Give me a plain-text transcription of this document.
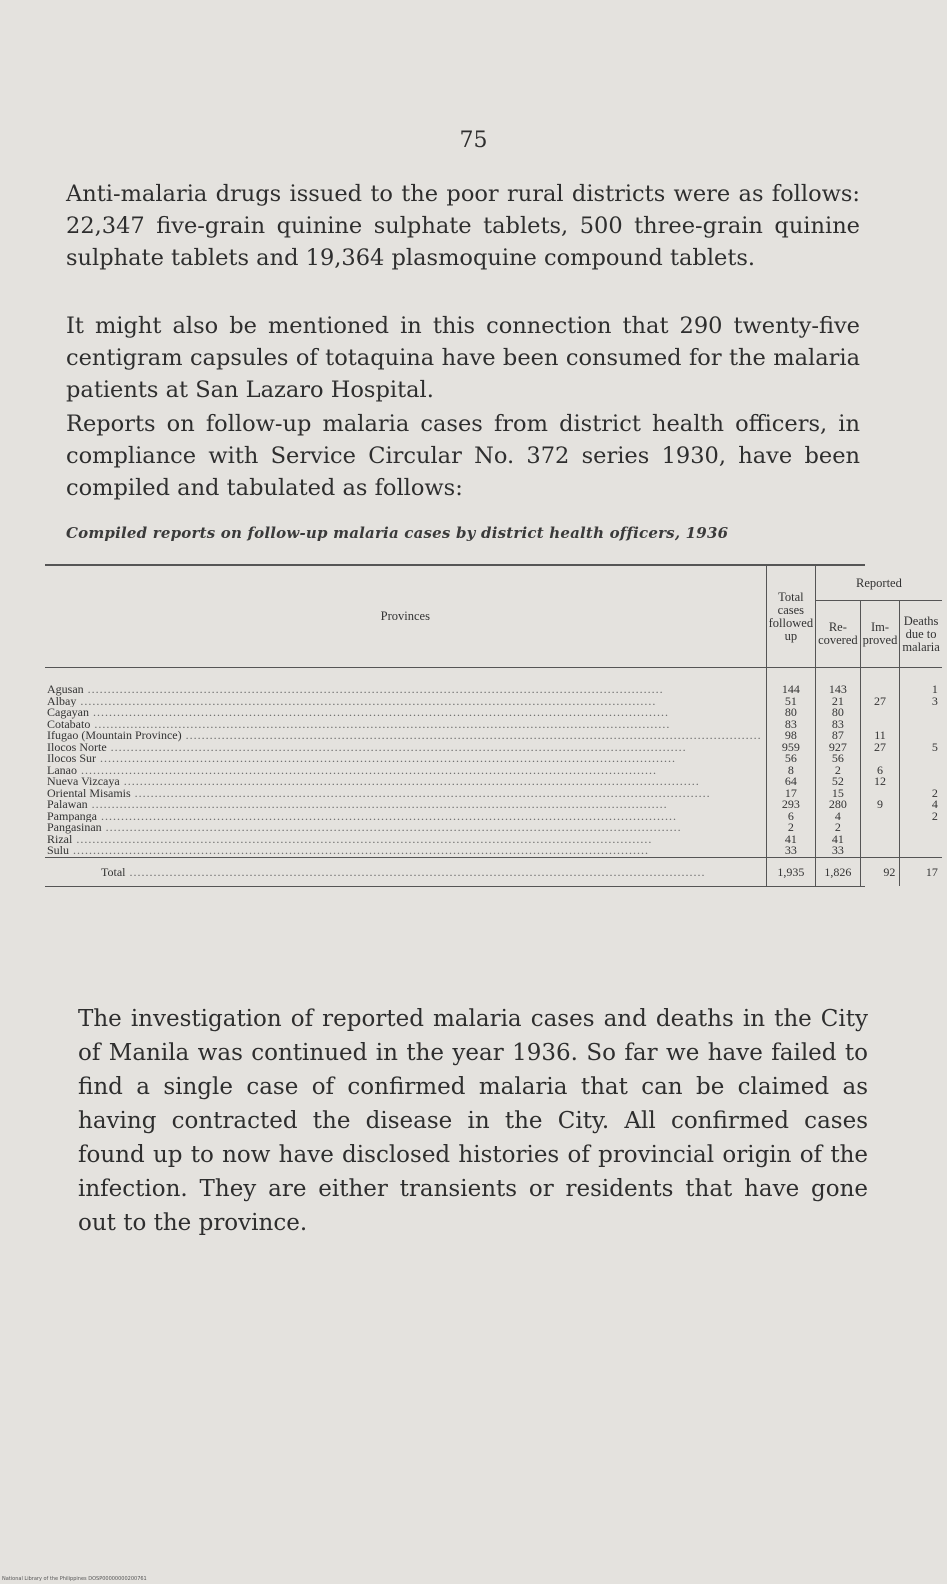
75

Anti-malaria drugs issued to the poor rural districts were as follows: 22,347 five-grain quinine sulphate tablets, 500 three-grain quinine sulphate tablets and 19,364 plasmoquine compound tablets.

It might also be mentioned in this connection that 290 twenty-five centigram capsules of totaquina have been consumed for the malaria patients at San Lazaro Hospital.

Reports on follow-up malaria cases from district health officers, in compliance with Service Circular No. 372 series 1930, have been compiled and tabulated as follows:

Compiled reports on follow-up malaria cases by district health officers, 1936
Provinces	Total cases followed up	Reported		
		Re-covered	Im-proved	Deaths due to malaria
Agusan .....	144	143		1
Albay .....	51	21	27	3
Cagayan .....	80	80		
Cotabato .....	83	83		
Ifugao (Mountain Province) .....	98	87	11	
Ilocos Norte .....	959	927	27	5
Ilocos Sur .....	56	56		
Lanao .....	8	2	6	
Nueva Vizcaya .....	64	52	12	
Oriental Misamis .....	17	15		2
Palawan .....	293	280	9	4
Pampanga .....	6	4		2
Pangasinan .....	2	2		
Rizal .....	41	41		
Sulu .....	33	33		
Total .....	1,935	1,826	92	17

The investigation of reported malaria cases and deaths in the City of Manila was continued in the year 1936. So far we have failed to find a single case of confirmed malaria that can be claimed as having contracted the disease in the City. All confirmed cases found up to now have disclosed histories of provincial origin of the infection. They are either transients or residents that have gone out to the province.

National Library of the Philippines DOSP00000000200761
